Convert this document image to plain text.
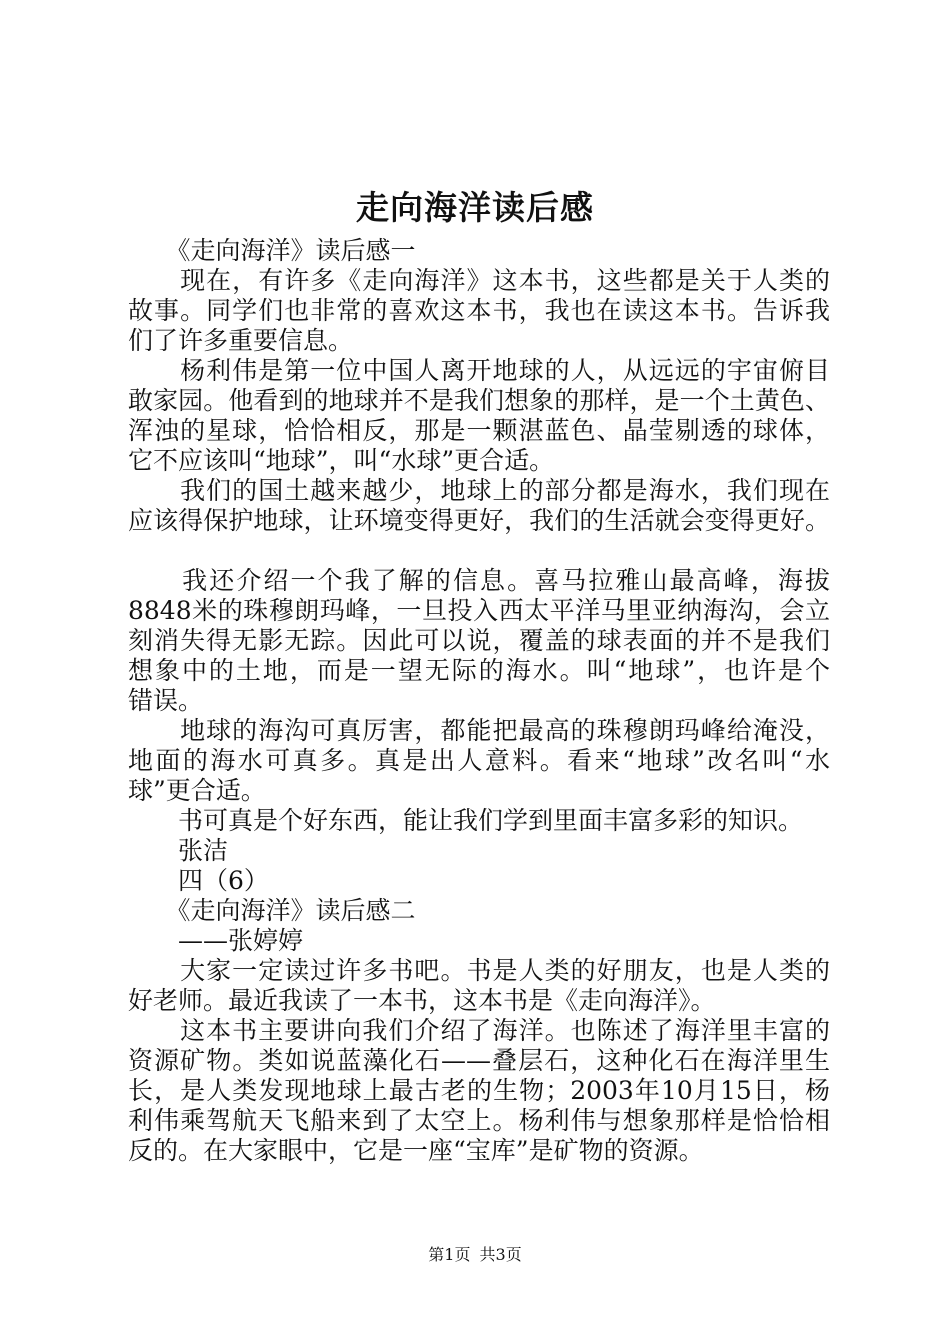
走向海洋读后感
　　《走向海洋》读后感一
　　现在，有许多《走向海洋》这本书，这些都是关于人类的
故事。同学们也非常的喜欢这本书，我也在读这本书。告诉我
们了许多重要信息。
　　杨利伟是第一位中国人离开地球的人，从远远的宇宙俯目
敢家园。他看到的地球并不是我们想象的那样，是一个土黄色、
浑浊的星球，恰恰相反，那是一颗湛蓝色、晶莹剔透的球体，
它不应该叫“地球”，叫“水球”更合适。
　　我们的国土越来越少，地球上的部分都是海水，我们现在
应该得保护地球，让环境变得更好，我们的生活就会变得更好。
　　我还介绍一个我了解的信息。喜马拉雅山最高峰，海拔
8848米的珠穆朗玛峰，一旦投入西太平洋马里亚纳海沟，会立
刻消失得无影无踪。因此可以说，覆盖的球表面的并不是我们
想象中的土地，而是一望无际的海水。叫“地球”，也许是个
错误。
　　地球的海沟可真厉害，都能把最高的珠穆朗玛峰给淹没，
地面的海水可真多。真是出人意料。看来“地球”改名叫“水
球”更合适。
　　书可真是个好东西，能让我们学到里面丰富多彩的知识。
　　张洁
　　四（6）
　　《走向海洋》读后感二
　　——张婷婷
　　大家一定读过许多书吧。书是人类的好朋友，也是人类的
好老师。最近我读了一本书，这本书是《走向海洋》。
　　这本书主要讲向我们介绍了海洋。也陈述了海洋里丰富的
资源矿物。类如说蓝藻化石——叠层石，这种化石在海洋里生
长，是人类发现地球上最古老的生物；2003年10月15日，杨
利伟乘驾航天飞船来到了太空上。杨利伟与想象那样是恰恰相
反的。在大家眼中，它是一座“宝库”是矿物的资源。
第1页 共3页
